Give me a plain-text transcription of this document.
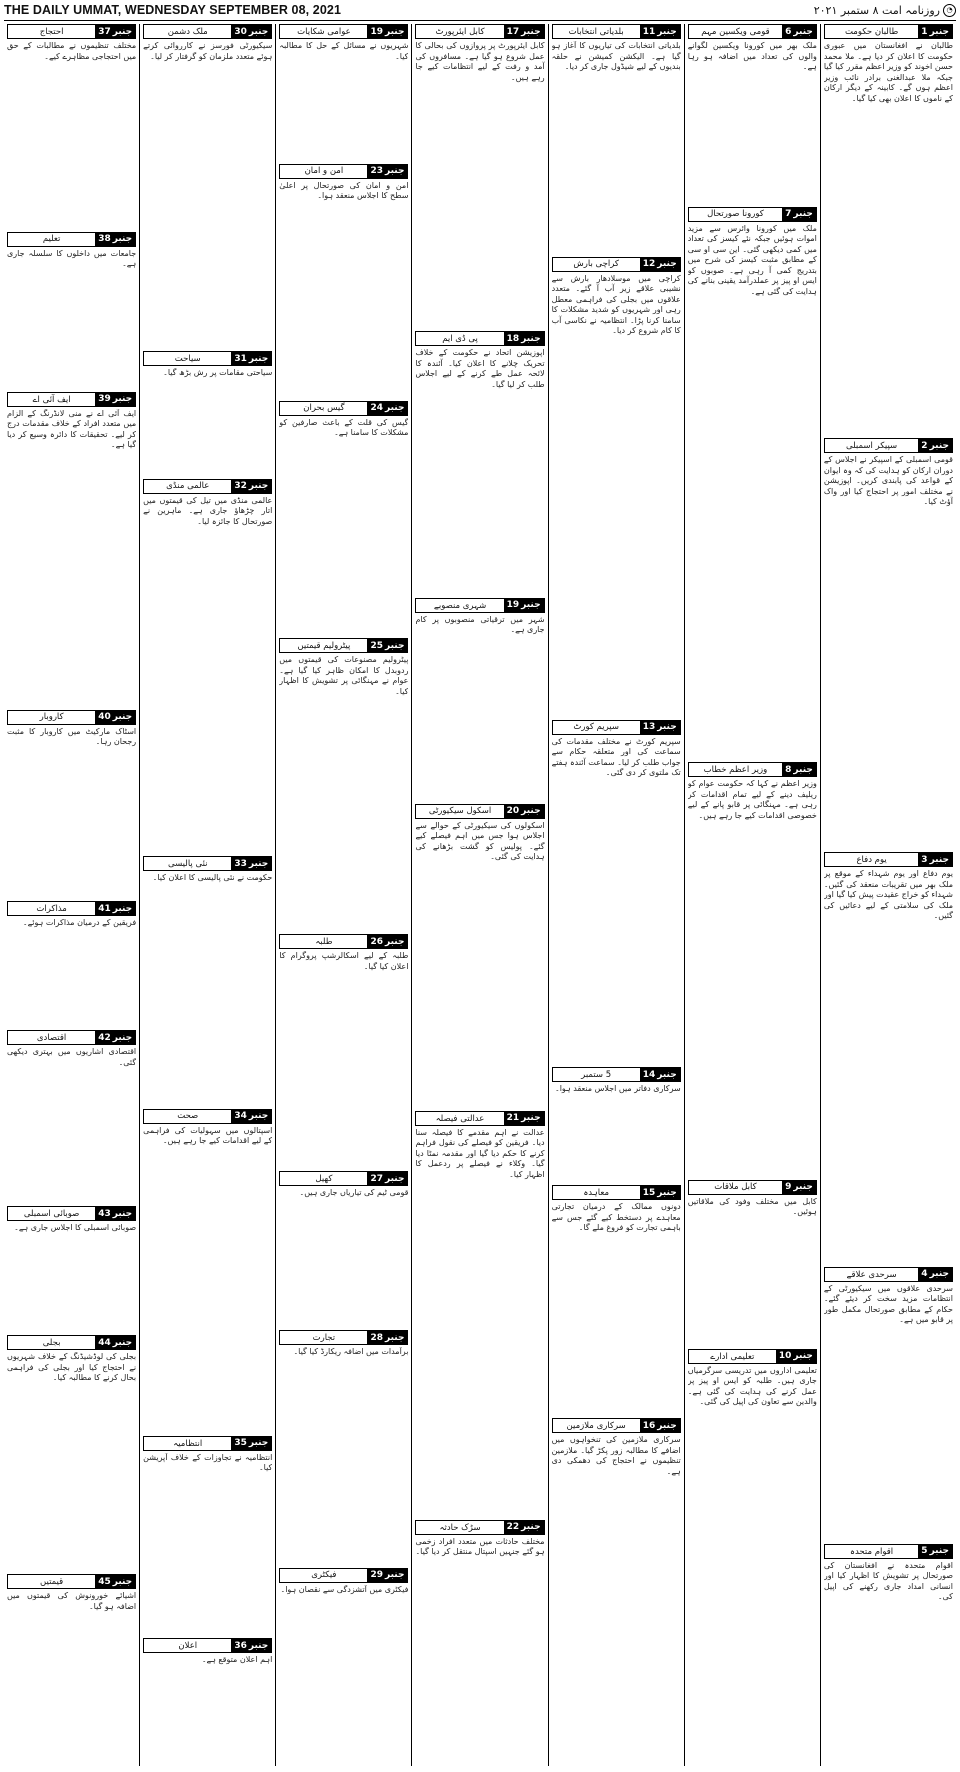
THE DAILY UMMAT, WEDNESDAY SEPTEMBER 08, 2021	◔
روزنامہ امت ۸ ستمبر ۲۰۲۱
جنبر
1
طالبان حکومت

طالبان نے افغانستان میں عبوری حکومت کا اعلان کر دیا ہے۔ ملا محمد حسن اخوند کو وزیر اعظم مقرر کیا گیا جبکہ ملا عبدالغنی برادر نائب وزیر اعظم ہوں گے۔ کابینہ کے دیگر ارکان کے ناموں کا اعلان بھی کیا گیا۔

جنبر
2
سپیکر اسمبلی

قومی اسمبلی کے اسپیکر نے اجلاس کے دوران ارکان کو ہدایت کی کہ وہ ایوان کے قواعد کی پابندی کریں۔ اپوزیشن نے مختلف امور پر احتجاج کیا اور واک آؤٹ کیا۔

جنبر
3
یوم دفاع

یوم دفاع اور یوم شہداء کے موقع پر ملک بھر میں تقریبات منعقد کی گئیں۔ شہداء کو خراج عقیدت پیش کیا گیا اور ملک کی سلامتی کے لیے دعائیں کی گئیں۔

جنبر
4
سرحدی علاقے

سرحدی علاقوں میں سیکیورٹی کے انتظامات مزید سخت کر دیئے گئے۔ حکام کے مطابق صورتحال مکمل طور پر قابو میں ہے۔

جنبر
5
اقوام متحدہ

اقوام متحدہ نے افغانستان کی صورتحال پر تشویش کا اظہار کیا اور انسانی امداد جاری رکھنے کی اپیل کی۔

جنبر
6
قومی ویکسین مہم

ملک بھر میں کورونا ویکسین لگوانے والوں کی تعداد میں اضافہ ہو رہا ہے۔

جنبر
7
کورونا صورتحال

ملک میں کورونا وائرس سے مزید اموات ہوئیں جبکہ نئے کیسز کی تعداد میں کمی دیکھی گئی۔ این سی او سی کے مطابق مثبت کیسز کی شرح میں بتدریج کمی آ رہی ہے۔ صوبوں کو ایس او پیز پر عملدرآمد یقینی بنانے کی ہدایت کی گئی ہے۔

جنبر
8
وزیر اعظم خطاب

وزیر اعظم نے کہا کہ حکومت عوام کو ریلیف دینے کے لیے تمام اقدامات کر رہی ہے۔ مہنگائی پر قابو پانے کے لیے خصوصی اقدامات کیے جا رہے ہیں۔

جنبر
9
کابل ملاقات

کابل میں مختلف وفود کی ملاقاتیں ہوئیں۔

جنبر
10
تعلیمی ادارے

تعلیمی اداروں میں تدریسی سرگرمیاں جاری ہیں۔ طلبہ کو ایس او پیز پر عمل کرنے کی ہدایت کی گئی ہے۔ والدین سے تعاون کی اپیل کی گئی۔

جنبر
11
بلدیاتی انتخابات

بلدیاتی انتخابات کی تیاریوں کا آغاز ہو گیا ہے۔ الیکشن کمیشن نے حلقہ بندیوں کے لیے شیڈول جاری کر دیا۔

جنبر
12
کراچی بارش

کراچی میں موسلادھار بارش سے نشیبی علاقے زیر آب آ گئے۔ متعدد علاقوں میں بجلی کی فراہمی معطل رہی اور شہریوں کو شدید مشکلات کا سامنا کرنا پڑا۔ انتظامیہ نے نکاسی آب کا کام شروع کر دیا۔

جنبر
13
سپریم کورٹ

سپریم کورٹ نے مختلف مقدمات کی سماعت کی اور متعلقہ حکام سے جواب طلب کر لیا۔ سماعت آئندہ ہفتے تک ملتوی کر دی گئی۔

جنبر
14
5 ستمبر

سرکاری دفاتر میں اجلاس منعقد ہوا۔

جنبر
15
معاہدہ

دونوں ممالک کے درمیان تجارتی معاہدے پر دستخط کیے گئے جس سے باہمی تجارت کو فروغ ملے گا۔

جنبر
16
سرکاری ملازمین

سرکاری ملازمین کی تنخواہوں میں اضافے کا مطالبہ زور پکڑ گیا۔ ملازمین تنظیموں نے احتجاج کی دھمکی دی ہے۔

جنبر
17
کابل ایئرپورٹ

کابل ایئرپورٹ پر پروازوں کی بحالی کا عمل شروع ہو گیا ہے۔ مسافروں کی آمد و رفت کے لیے انتظامات کیے جا رہے ہیں۔

جنبر
18
پی ڈی ایم

اپوزیشن اتحاد نے حکومت کے خلاف تحریک چلانے کا اعلان کیا۔ آئندہ کا لائحہ عمل طے کرنے کے لیے اجلاس طلب کر لیا گیا۔

جنبر
19
شہری منصوبے

شہر میں ترقیاتی منصوبوں پر کام جاری ہے۔

جنبر
20
اسکول سیکیورٹی

اسکولوں کی سیکیورٹی کے حوالے سے اجلاس ہوا جس میں اہم فیصلے کیے گئے۔ پولیس کو گشت بڑھانے کی ہدایت کی گئی۔

جنبر
21
عدالتی فیصلہ

عدالت نے اہم مقدمے کا فیصلہ سنا دیا۔ فریقین کو فیصلے کی نقول فراہم کرنے کا حکم دیا گیا اور مقدمہ نمٹا دیا گیا۔ وکلاء نے فیصلے پر ردعمل کا اظہار کیا۔

جنبر
22
سڑک حادثہ

مختلف حادثات میں متعدد افراد زخمی ہو گئے جنہیں اسپتال منتقل کر دیا گیا۔

جنبر
19
عوامی شکایات

شہریوں نے مسائل کے حل کا مطالبہ کیا۔

جنبر
23
امن و امان

امن و امان کی صورتحال پر اعلیٰ سطح کا اجلاس منعقد ہوا۔

جنبر
24
گیس بحران

گیس کی قلت کے باعث صارفین کو مشکلات کا سامنا ہے۔

جنبر
25
پیٹرولیم قیمتیں

پیٹرولیم مصنوعات کی قیمتوں میں ردوبدل کا امکان ظاہر کیا گیا ہے۔ عوام نے مہنگائی پر تشویش کا اظہار کیا۔

جنبر
26
طلبہ

طلبہ کے لیے اسکالرشپ پروگرام کا اعلان کیا گیا۔

جنبر
27
کھیل

قومی ٹیم کی تیاریاں جاری ہیں۔

جنبر
28
تجارت

برآمدات میں اضافہ ریکارڈ کیا گیا۔

جنبر
29
فیکٹری

فیکٹری میں آتشزدگی سے نقصان ہوا۔

جنبر
30
ملک دشمن

سیکیورٹی فورسز نے کارروائی کرتے ہوئے متعدد ملزمان کو گرفتار کر لیا۔

جنبر
31
سیاحت

سیاحتی مقامات پر رش بڑھ گیا۔

جنبر
32
عالمی منڈی

عالمی منڈی میں تیل کی قیمتوں میں اتار چڑھاؤ جاری ہے۔ ماہرین نے صورتحال کا جائزہ لیا۔

جنبر
33
نئی پالیسی

حکومت نے نئی پالیسی کا اعلان کیا۔

جنبر
34
صحت

اسپتالوں میں سہولیات کی فراہمی کے لیے اقدامات کیے جا رہے ہیں۔

جنبر
35
انتظامیہ

انتظامیہ نے تجاوزات کے خلاف آپریشن کیا۔

جنبر
36
اعلان

اہم اعلان متوقع ہے۔

جنبر
37
احتجاج

مختلف تنظیموں نے مطالبات کے حق میں احتجاجی مظاہرے کیے۔

جنبر
38
تعلیم

جامعات میں داخلوں کا سلسلہ جاری ہے۔

جنبر
39
ایف آئی اے

ایف آئی اے نے منی لانڈرنگ کے الزام میں متعدد افراد کے خلاف مقدمات درج کر لیے۔ تحقیقات کا دائرہ وسیع کر دیا گیا ہے۔

جنبر
40
کاروبار

اسٹاک مارکیٹ میں کاروبار کا مثبت رجحان رہا۔

جنبر
41
مذاکرات

فریقین کے درمیان مذاکرات ہوئے۔

جنبر
42
اقتصادی

اقتصادی اشاریوں میں بہتری دیکھی گئی۔

جنبر
43
صوبائی اسمبلی

صوبائی اسمبلی کا اجلاس جاری ہے۔

جنبر
44
بجلی

بجلی کی لوڈشیڈنگ کے خلاف شہریوں نے احتجاج کیا اور بجلی کی فراہمی بحال کرنے کا مطالبہ کیا۔

جنبر
45
قیمتیں

اشیائے خورونوش کی قیمتوں میں اضافہ ہو گیا۔
